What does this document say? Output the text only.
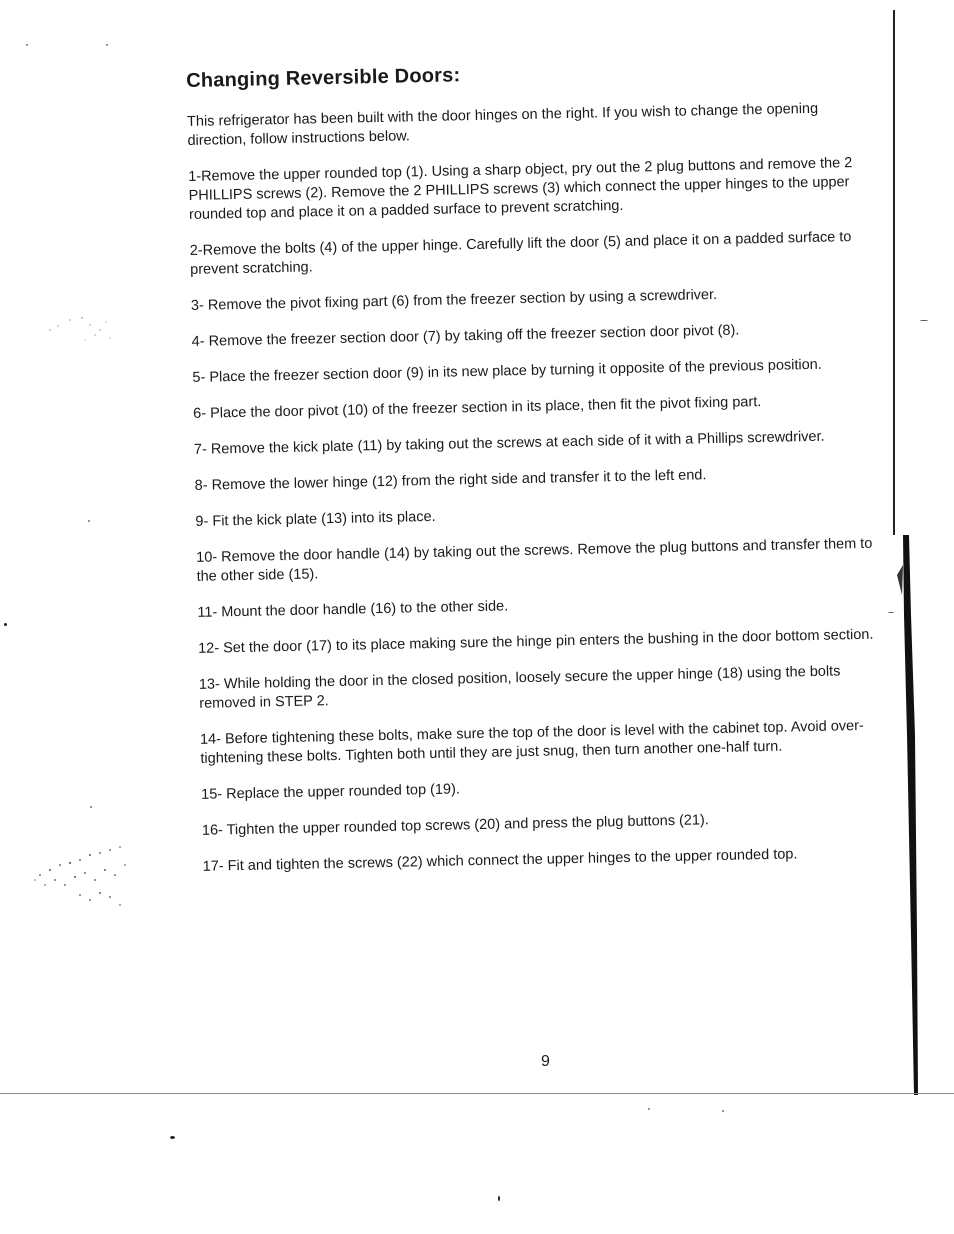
Changing Reversible Doors:

This refrigerator has been built with the door hinges on the right. If you wish to change the opening direction, follow instructions below.

1-Remove the upper rounded top (1). Using a sharp object, pry out the 2 plug buttons and remove the 2 PHILLIPS screws (2). Remove the 2 PHILLIPS screws (3) which connect the upper hinges to the upper rounded top and place it on a padded surface to prevent scratching.

2-Remove the bolts (4) of the upper hinge. Carefully lift the door (5) and place it on a padded surface to prevent scratching.

3- Remove the pivot fixing part (6) from the freezer section by using a screwdriver.

4- Remove the freezer section door (7) by taking off the freezer section door pivot (8).

5- Place the freezer section door (9) in its new place by turning it opposite of the previous position.

6- Place the door pivot (10) of the freezer section in its place, then fit the pivot fixing part.

7- Remove the kick plate (11) by taking out the screws at each side of it with a Phillips screwdriver.

8- Remove the lower hinge (12) from the right side and transfer it to the left end.

9- Fit the kick plate (13) into its place.

10- Remove the door handle (14) by taking out the screws. Remove the plug buttons and transfer them to the other side (15).

11- Mount the door handle (16) to the other side.

12- Set the door (17) to its place making sure the hinge pin enters the bushing in the door bottom section.

13- While holding the door in the closed position, loosely secure the upper hinge (18) using the bolts removed in STEP 2.

14- Before tightening these bolts, make sure the top of the door is level with the cabinet top. Avoid over-tightening these bolts. Tighten both until they are just snug, then turn another one-half turn.

15- Replace the upper rounded top (19).

16- Tighten the upper rounded top screws (20) and press the plug buttons (21).

17- Fit and tighten the screws (22) which connect the upper hinges to the upper rounded top.

9
